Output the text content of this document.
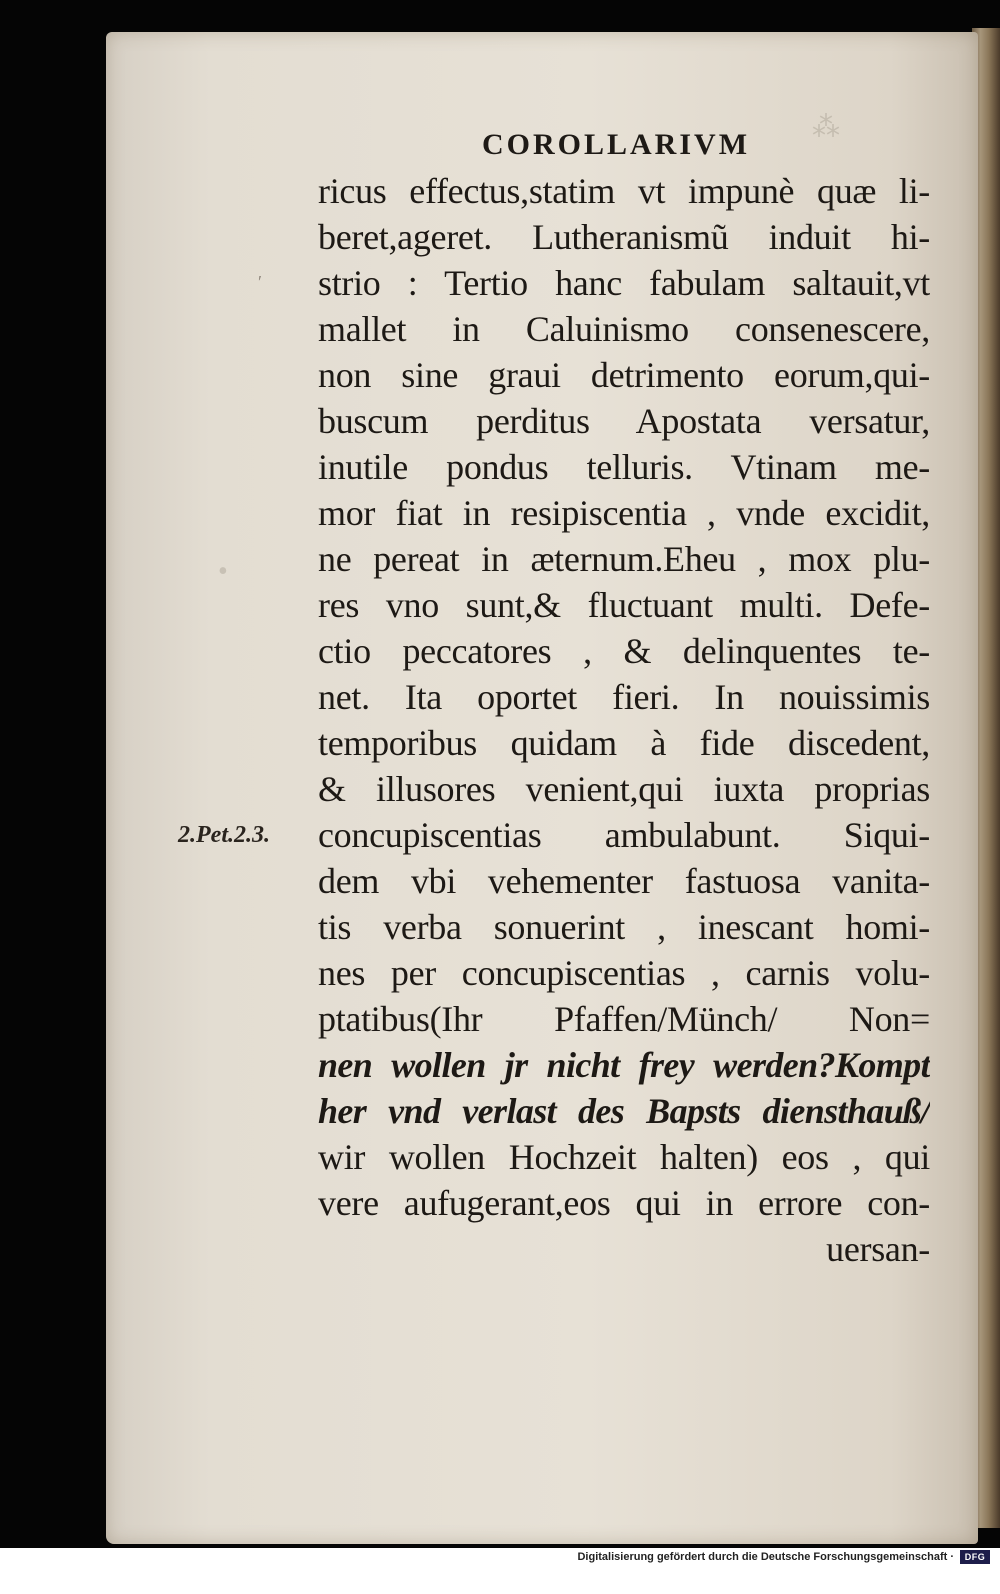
⁂
•
′
COROLLARIVM
2.Pet.2.3.
ricus effectus,statim vt impunè quæ li-
beret,ageret. Lutheranismũ induit hi-
strio : Tertio hanc fabulam saltauit,vt
mallet in Caluinismo consenescere,
non sine graui detrimento eorum,qui-
buscum perditus Apostata versatur,
inutile pondus telluris. Vtinam me-
mor fiat in resipiscentia , vnde excidit,
ne pereat in æternum.Eheu , mox plu-
res vno sunt,& fluctuant multi. Defe-
ctio peccatores , & delinquentes te-
net. Ita oportet fieri. In nouissimis
temporibus quidam à fide discedent,
& illusores venient,qui iuxta proprias
concupiscentias ambulabunt. Siqui-
dem vbi vehementer fastuosa vanita-
tis verba sonuerint , inescant homi-
nes per concupiscentias , carnis volu-
ptatibus(Ihr Pfaffen/Münch/ Non=
nen wollen jr nicht frey werden?Kompt
her vnd verlast des Bapsts diensthauß/
wir wollen Hochzeit halten) eos , qui
vere aufugerant,eos qui in errore con-
uersan-
Digitalisierung gefördert durch die Deutsche Forschungsgemeinschaft ·	DFG
